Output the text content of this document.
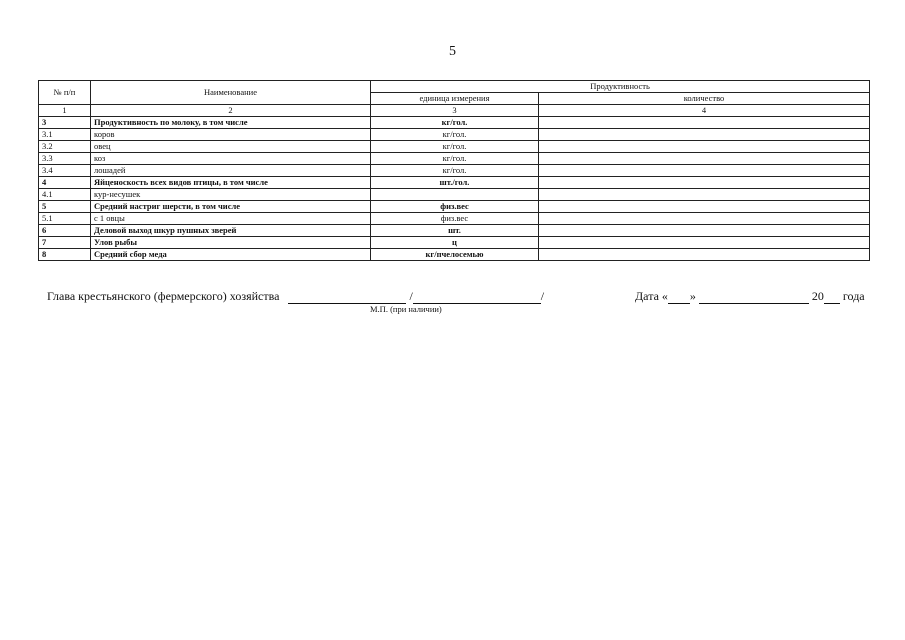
5
№ п/п	Наименование	Продуктивность	
		единица измерения	количество
1	2	3	4
3	Продуктивность по молоку, в том числе	кг/гол.	
3.1	коров	кг/гол.	
3.2	овец	кг/гол.	
3.3	коз	кг/гол.	
3.4	лошадей	кг/гол.	
4	Яйценоскость всех видов птицы, в том числе	шт./гол.	
4.1	кур-несушек		
5	Средний настриг шерсти, в том числе	физ.вес	
5.1	с 1 овцы	физ.вес	
6	Деловой выход шкур пушных зверей	шт.	
7	Улов рыбы	ц	
8	Средний сбор меда	кг/пчелосемью	
Глава крестьянского (фермерского) хозяйства	/	/
М.П. (при наличии)
Дата « »	20 года
